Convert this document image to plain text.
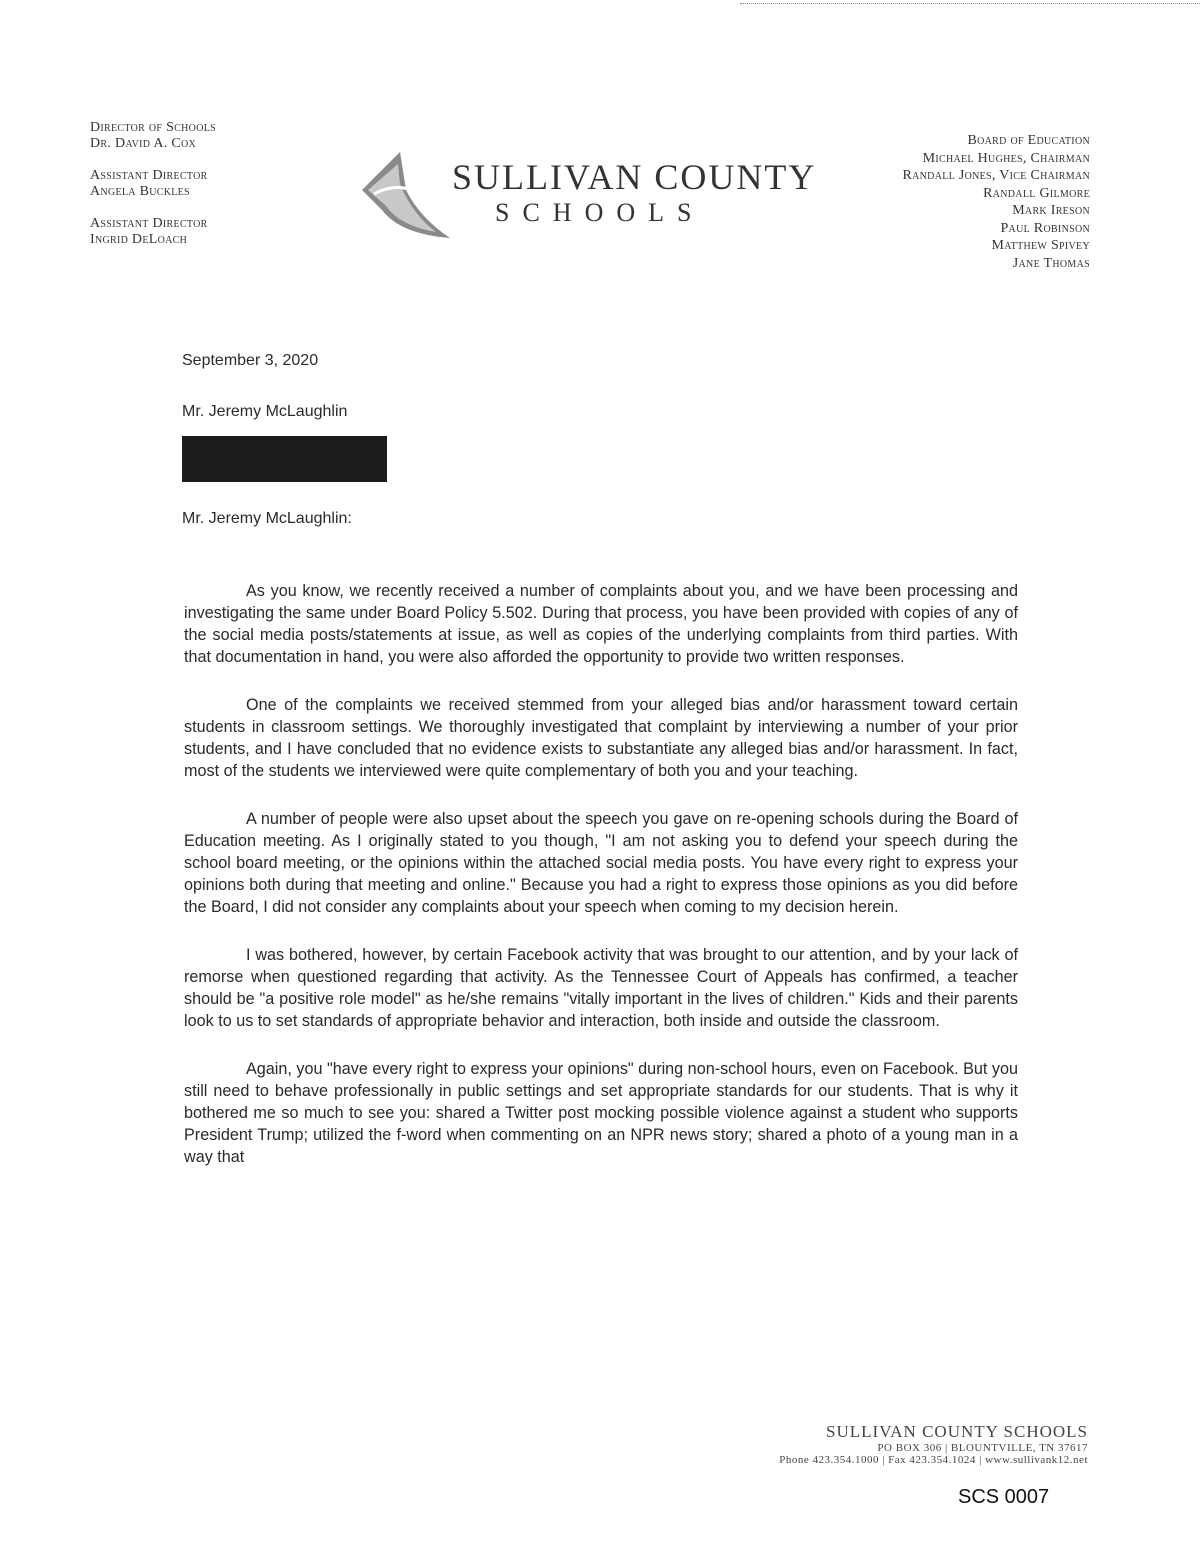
Director of Schools
Dr. David A. Cox
Assistant Director
Angela Buckles
Assistant Director
Ingrid DeLoach
SULLIVAN COUNTY
SCHOOLS
Board of Education
Michael Hughes, Chairman
Randall Jones, Vice Chairman
Randall Gilmore
Mark Ireson
Paul Robinson
Matthew Spivey
Jane Thomas
September 3, 2020
Mr. Jeremy McLaughlin
Mr. Jeremy McLaughlin:

As you know, we recently received a number of complaints about you, and we have been processing and investigating the same under Board Policy 5.502. During that process, you have been provided with copies of any of the social media posts/statements at issue, as well as copies of the underlying complaints from third parties. With that documentation in hand, you were also afforded the opportunity to provide two written responses.

One of the complaints we received stemmed from your alleged bias and/or harassment toward certain students in classroom settings. We thoroughly investigated that complaint by interviewing a number of your prior students, and I have concluded that no evidence exists to substantiate any alleged bias and/or harassment. In fact, most of the students we interviewed were quite complementary of both you and your teaching.

A number of people were also upset about the speech you gave on re-opening schools during the Board of Education meeting. As I originally stated to you though, "I am not asking you to defend your speech during the school board meeting, or the opinions within the attached social media posts. You have every right to express your opinions both during that meeting and online." Because you had a right to express those opinions as you did before the Board, I did not consider any complaints about your speech when coming to my decision herein.

I was bothered, however, by certain Facebook activity that was brought to our attention, and by your lack of remorse when questioned regarding that activity. As the Tennessee Court of Appeals has confirmed, a teacher should be "a positive role model" as he/she remains "vitally important in the lives of children." Kids and their parents look to us to set standards of appropriate behavior and interaction, both inside and outside the classroom.

Again, you "have every right to express your opinions" during non-school hours, even on Facebook. But you still need to behave professionally in public settings and set appropriate standards for our students. That is why it bothered me so much to see you: shared a Twitter post mocking possible violence against a student who supports President Trump; utilized the f-word when commenting on an NPR news story; shared a photo of a young man in a way that

SULLIVAN COUNTY SCHOOLS
PO BOX 306 | BLOUNTVILLE, TN 37617
Phone 423.354.1000 | Fax 423.354.1024 | www.sullivank12.net
SCS 0007
